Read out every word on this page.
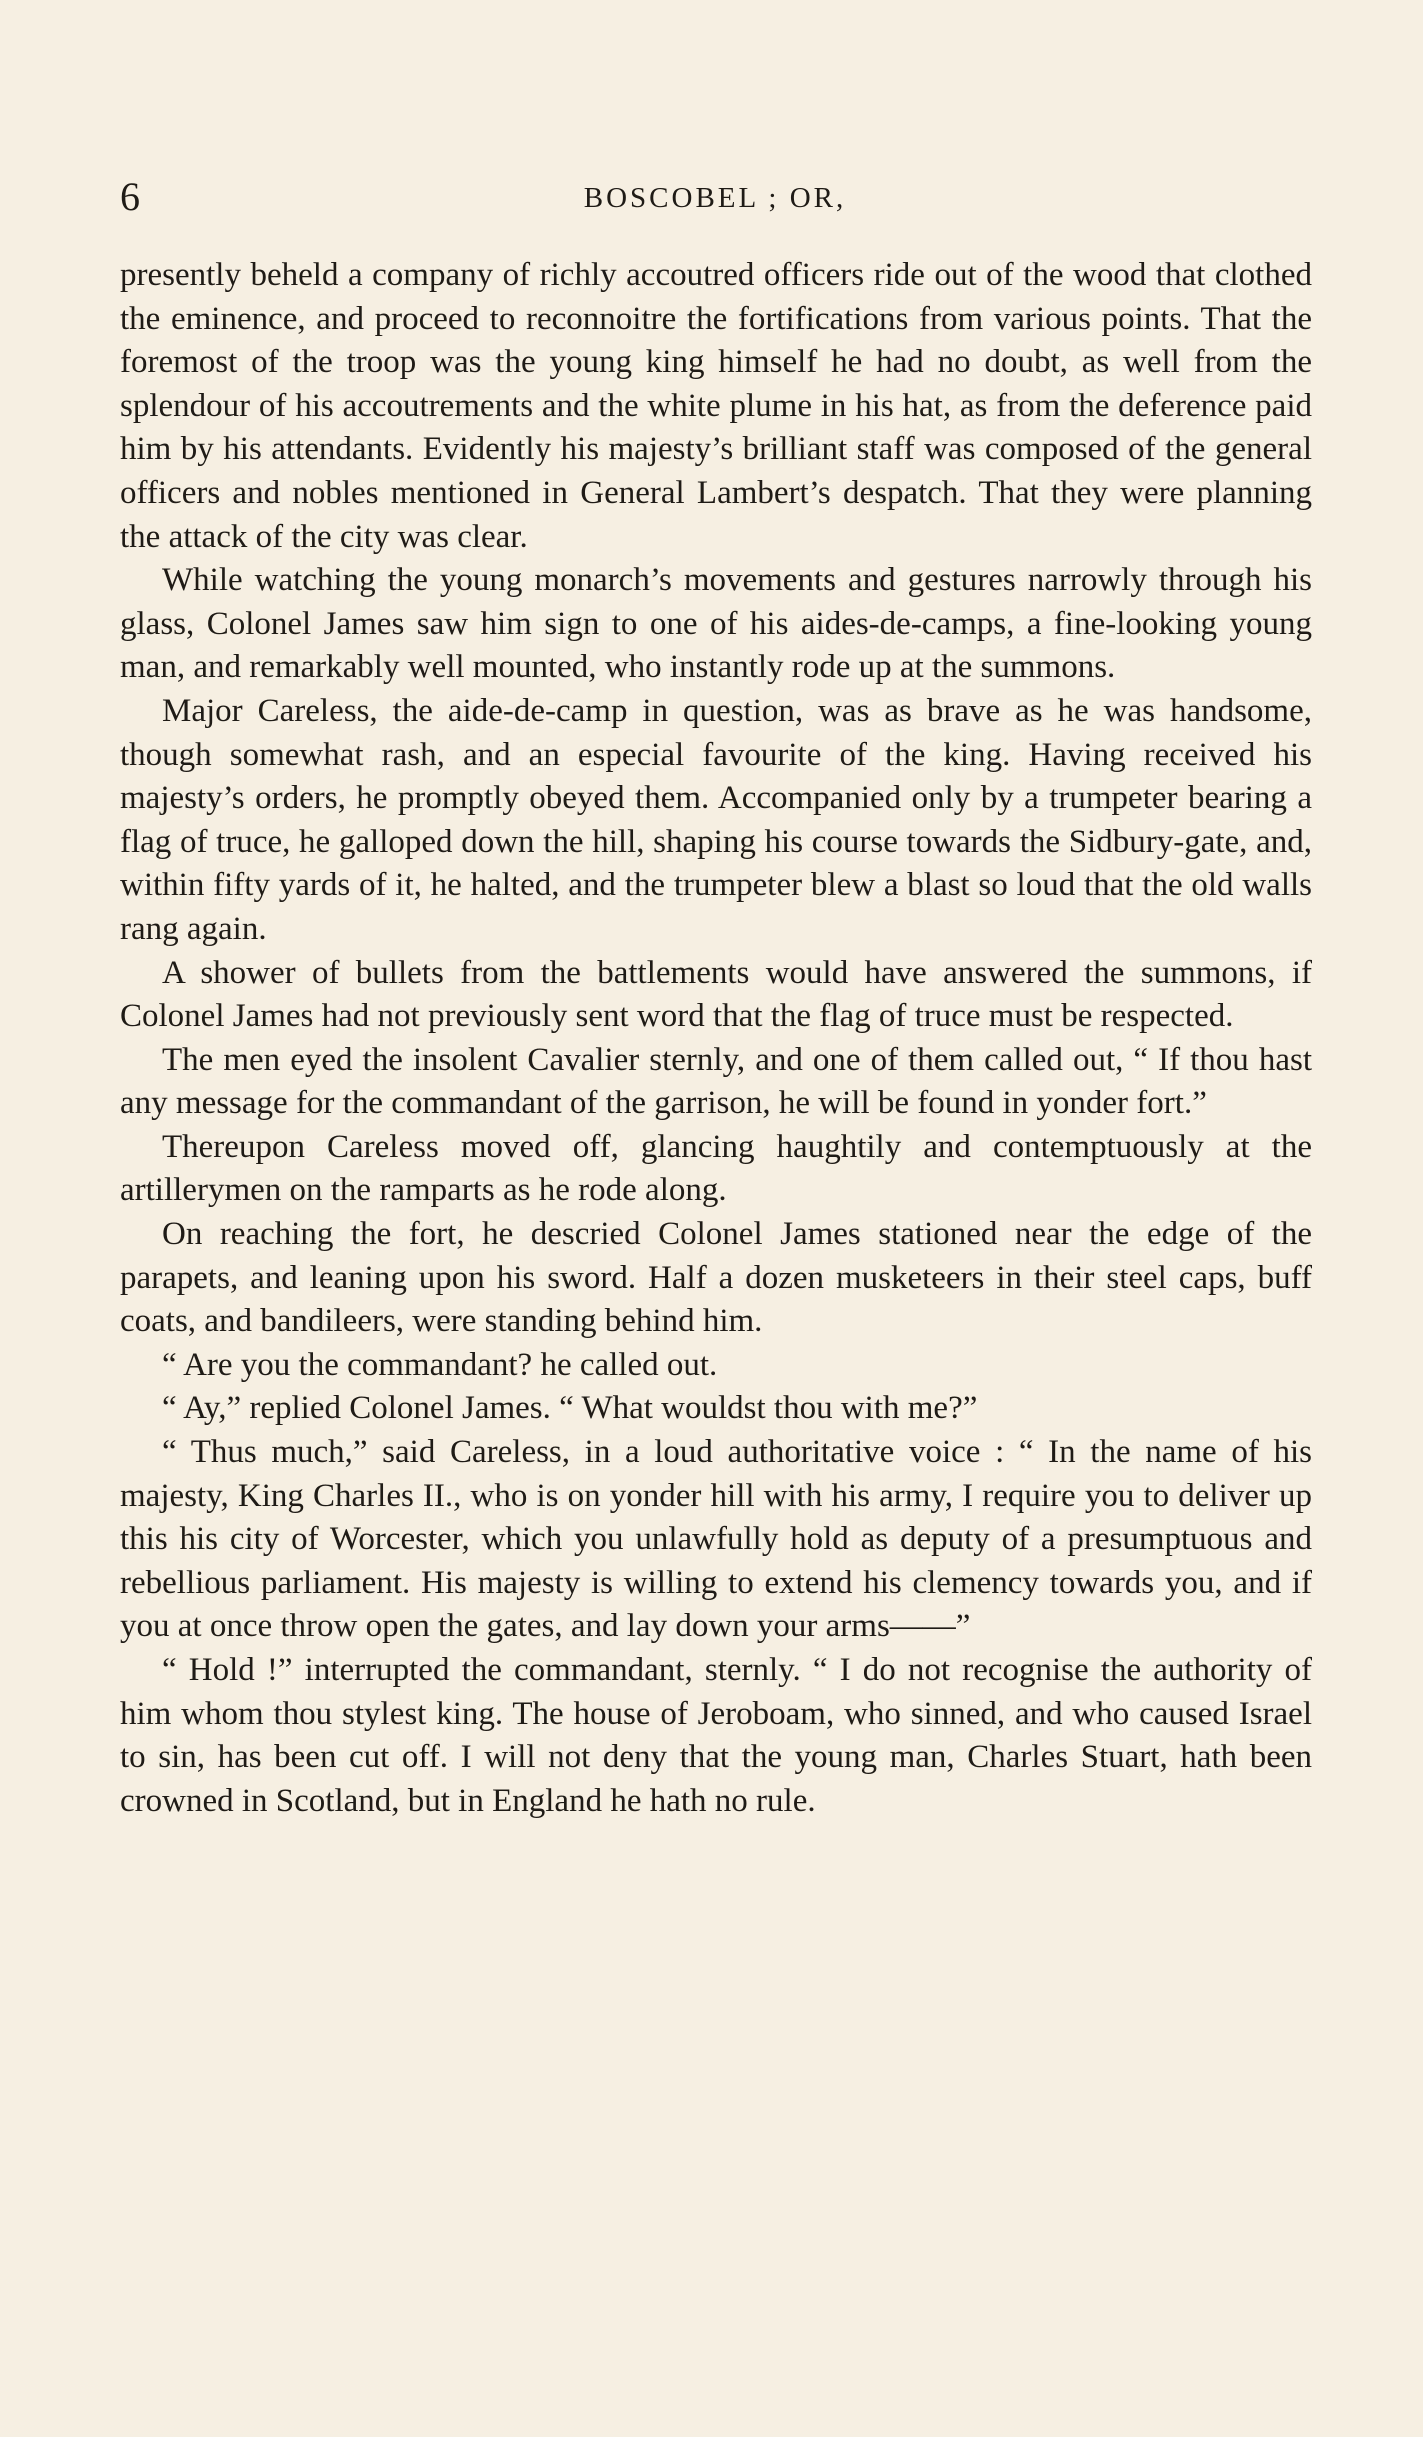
6	BOSCOBEL ; OR,

presently beheld a company of richly accoutred officers ride out of the wood that clothed the eminence, and proceed to reconnoitre the fortifications from various points. That the foremost of the troop was the young king himself he had no doubt, as well from the splendour of his accoutrements and the white plume in his hat, as from the deference paid him by his attendants. Evidently his majesty’s brilliant staff was composed of the general officers and nobles mentioned in General Lambert’s despatch. That they were planning the attack of the city was clear.

While watching the young monarch’s movements and gestures narrowly through his glass, Colonel James saw him sign to one of his aides-de-camps, a fine-looking young man, and remarkably well mounted, who instantly rode up at the summons.

Major Careless, the aide-de-camp in question, was as brave as he was handsome, though somewhat rash, and an especial favourite of the king. Having received his majesty’s orders, he promptly obeyed them. Accompanied only by a trumpeter bearing a flag of truce, he galloped down the hill, shaping his course towards the Sidbury-gate, and, within fifty yards of it, he halted, and the trumpeter blew a blast so loud that the old walls rang again.

A shower of bullets from the battlements would have answered the summons, if Colonel James had not previously sent word that the flag of truce must be respected.

The men eyed the insolent Cavalier sternly, and one of them called out, “ If thou hast any message for the commandant of the garrison, he will be found in yonder fort.”

Thereupon Careless moved off, glancing haughtily and contemptuously at the artillerymen on the ramparts as he rode along.

On reaching the fort, he descried Colonel James stationed near the edge of the parapets, and leaning upon his sword. Half a dozen musketeers in their steel caps, buff coats, and bandileers, were standing behind him.

“ Are you the commandant? he called out.

“ Ay,” replied Colonel James. “ What wouldst thou with me?”

“ Thus much,” said Careless, in a loud authoritative voice : “ In the name of his majesty, King Charles II., who is on yonder hill with his army, I require you to deliver up this his city of Worcester, which you unlawfully hold as deputy of a presumptuous and rebellious parliament. His majesty is willing to extend his clemency towards you, and if you at once throw open the gates, and lay down your arms——”

“ Hold !” interrupted the commandant, sternly. “ I do not recognise the authority of him whom thou stylest king. The house of Jeroboam, who sinned, and who caused Israel to sin, has been cut off. I will not deny that the young man, Charles Stuart, hath been crowned in Scotland, but in England he hath no rule.
